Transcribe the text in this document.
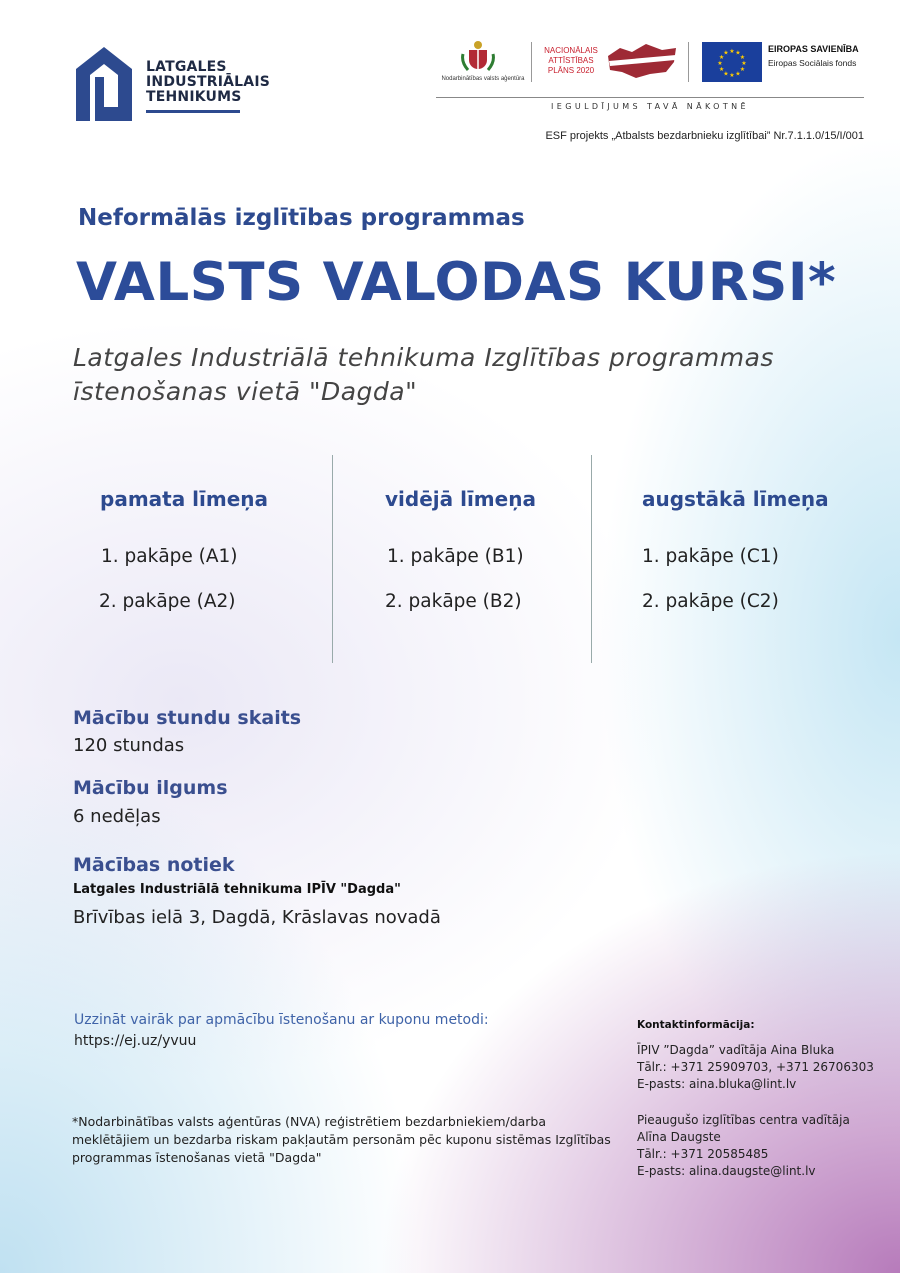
LATGALES
INDUSTRIĀLAIS
TEHNIKUMS
Nodarbinātības valsts aģentūra
NACIONĀLAIS
ATTĪSTĪBAS
PLĀNS 2020
★
★
★
★
★
★
★
★
★ ★ ★
★
EIROPAS SAVIENĪBA
Eiropas Sociālais fonds
IEGULDĪJUMS TAVĀ NĀKOTNĒ
ESF projekts „Atbalsts bezdarbnieku izglītībai” Nr.7.1.1.0/15/I/001
Neformālās izglītības programmas
VALSTS VALODAS KURSI*
Latgales Industriālā tehnikuma Izglītības programmas īstenošanas vietā "Dagda"
pamata līmeņa
1. pakāpe (A1)
2. pakāpe (A2)
vidējā līmeņa
1. pakāpe (B1)
2. pakāpe (B2)
augstākā līmeņa
1. pakāpe (C1)
2. pakāpe (C2)
Mācību stundu skaits
120 stundas
Mācību ilgums
6 nedēļas
Mācības notiek
Latgales Industriālā tehnikuma IPĪV "Dagda"
Brīvības ielā 3, Dagdā, Krāslavas novadā
Uzzināt vairāk par apmācību īstenošanu ar kuponu metodi:
https://ej.uz/yvuu
*Nodarbinātības valsts aģentūras (NVA) reģistrētiem bezdarbniekiem/darba meklētājiem un bezdarba riskam pakļautām personām pēc kuponu sistēmas Izglītības programmas īstenošanas vietā "Dagda"
Kontaktinformācija:
ĪPIV ”Dagda” vadītāja Aina Bluka
Tālr.: +371 25909703, +371 26706303
E-pasts: aina.bluka@lint.lv
Pieaugušo izglītības centra vadītāja
Alīna Daugste
Tālr.: +371 20585485
E-pasts: alina.daugste@lint.lv
